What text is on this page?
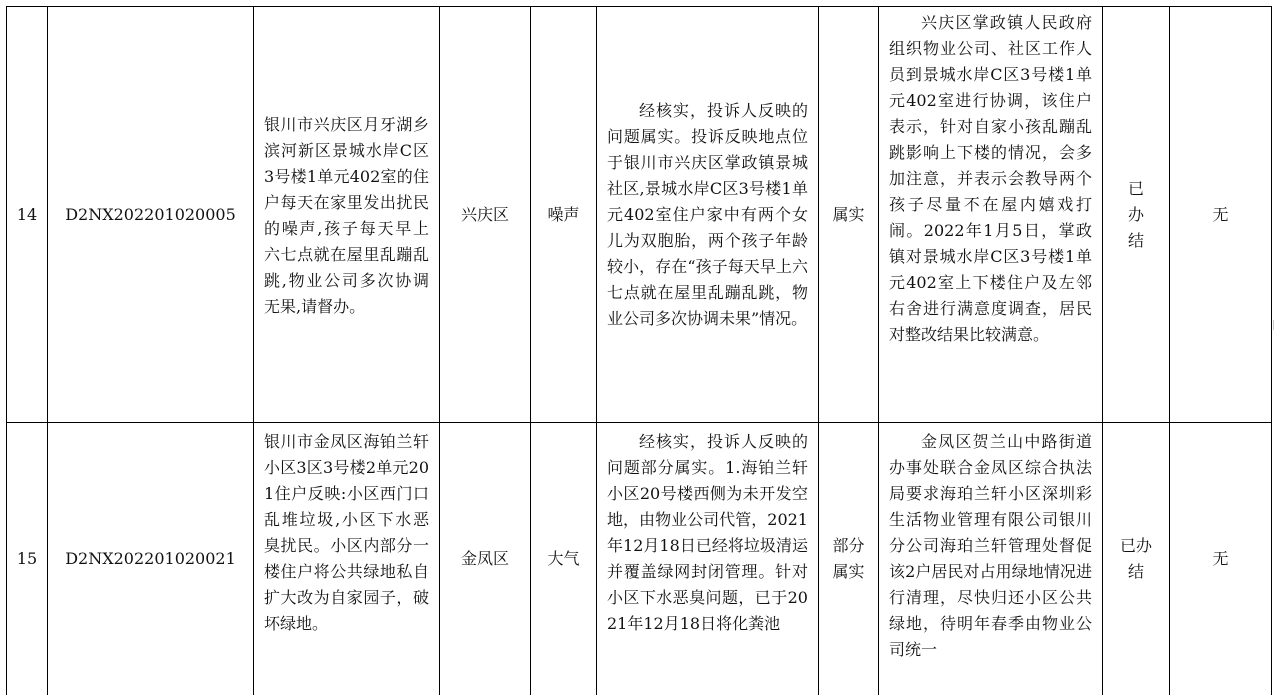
14 D2NX202201020005
银川市兴庆区月牙湖乡滨河新区景城水岸C区3号楼1单元402室的住户每天在家里发出扰民的噪声,孩子每天早上六七点就在屋里乱蹦乱跳,物业公司多次协调无果,请督办。
兴庆区 噪声
经核实，投诉人反映的问题属实。投诉反映地点位于银川市兴庆区掌政镇景城社区,景城水岸C区3号楼1单元402室住户家中有两个女儿为双胞胎，两个孩子年龄较小，存在“孩子每天早上六七点就在屋里乱蹦乱跳，物业公司多次协调未果”情况。
属实
兴庆区掌政镇人民政府组织物业公司、社区工作人员到景城水岸C区3号楼1单元402室进行协调，该住户表示，针对自家小孩乱蹦乱跳影响上下楼的情况，会多加注意，并表示会教导两个孩子尽量不在屋内嬉戏打闹。2022年1月5日，掌政镇对景城水岸C区3号楼1单元402室上下楼住户及左邻右舍进行满意度调查，居民对整改结果比较满意。
已办结
无
15 D2NX202201020021
银川市金凤区海铂兰轩小区3区3号楼2单元201住户反映:小区西门口乱堆垃圾,小区下水恶臭扰民。小区内部分一楼住户将公共绿地私自扩大改为自家园子，破坏绿地。
金凤区 大气
经核实，投诉人反映的问题部分属实。1.海铂兰轩小区20号楼西侧为未开发空地，由物业公司代管，2021年12月18日已经将垃圾清运并覆盖绿网封闭管理。针对小区下水恶臭问题，已于2021年12月18日将化粪池
部分属实
金凤区贺兰山中路街道办事处联合金凤区综合执法局要求海珀兰轩小区深圳彩生活物业管理有限公司银川分公司海珀兰轩管理处督促该2户居民对占用绿地情况进行清理，尽快归还小区公共绿地，待明年春季由物业公司统一
已办结
无
